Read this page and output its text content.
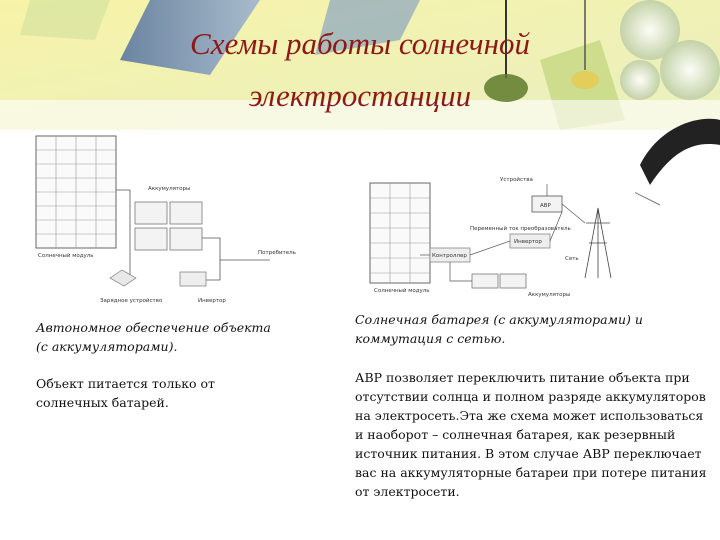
Схемы работы солнечной электростанции
Солнечный модуль
Аккумуляторы
Потребитель
Зарядное устройство	Инвертор
Солнечный модуль
Устройства
АВР
Переменный ток преобразователь
Инвертор
Контроллер	Сеть
Аккумуляторы
Автономное обеспечение объекта (с аккумуляторами).
Солнечная батарея (с аккумуляторами) и коммутация с сетью.
Объект питается только от солнечных батарей.
АВР позволяет переключить питание объекта при отсутствии солнца и полном разряде аккумуляторов на электросеть.Эта же схема может использоваться и наоборот – солнечная батарея, как резервный источник питания. В этом случае АВР переключает вас на аккумуляторные батареи при потере питания от электросети.
